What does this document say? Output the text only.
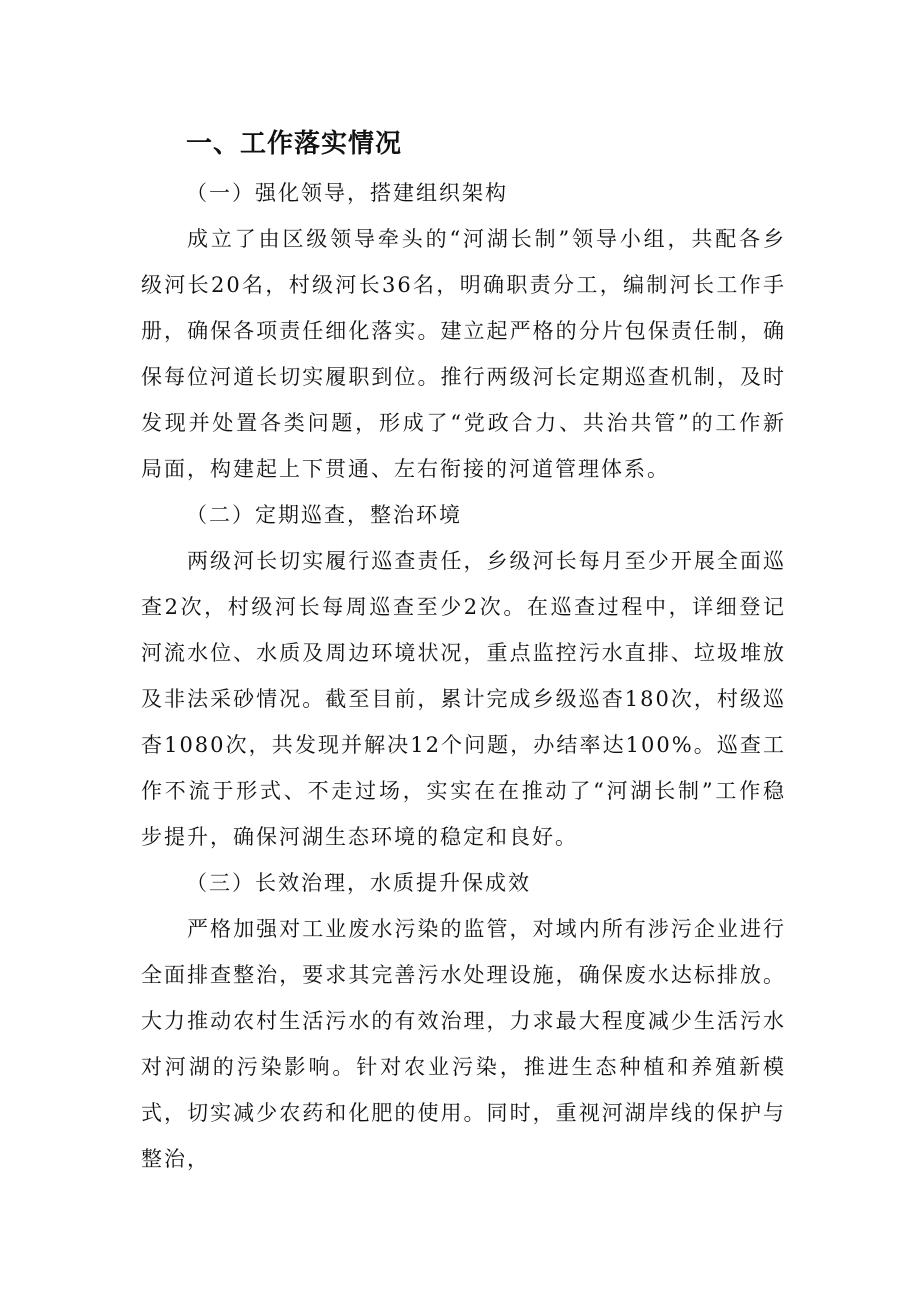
一、工作落实情况
（一）强化领导，搭建组织架构
成立了由区级领导牵头的“河湖长制”领导小组，共配各乡级河长20名，村级河长36名，明确职责分工，编制河长工作手册，确保各项责任细化落实。建立起严格的分片包保责任制，确保每位河道长切实履职到位。推行两级河长定期巡查机制，及时发现并处置各类问题，形成了“党政合力、共治共管”的工作新局面，构建起上下贯通、左右衔接的河道管理体系。
（二）定期巡查，整治环境
两级河长切实履行巡查责任，乡级河长每月至少开展全面巡查2次，村级河长每周巡查至少2次。在巡查过程中，详细登记河流水位、水质及周边环境状况，重点监控污水直排、垃圾堆放及非法采砂情况。截至目前，累计完成乡级巡杳180次，村级巡杳1080次，共发现并解决12个问题，办结率达100%。巡查工作不流于形式、不走过场，实实在在推动了“河湖长制”工作稳步提升，确保河湖生态环境的稳定和良好。
（三）长效治理，水质提升保成效
严格加强对工业废水污染的监管，对域内所有涉污企业进行全面排查整治，要求其完善污水处理设施，确保废水达标排放。大力推动农村生活污水的有效治理，力求最大程度减少生活污水对河湖的污染影响。针对农业污染，推进生态种植和养殖新模式，切实减少农药和化肥的使用。同时，重视河湖岸线的保护与整治，
